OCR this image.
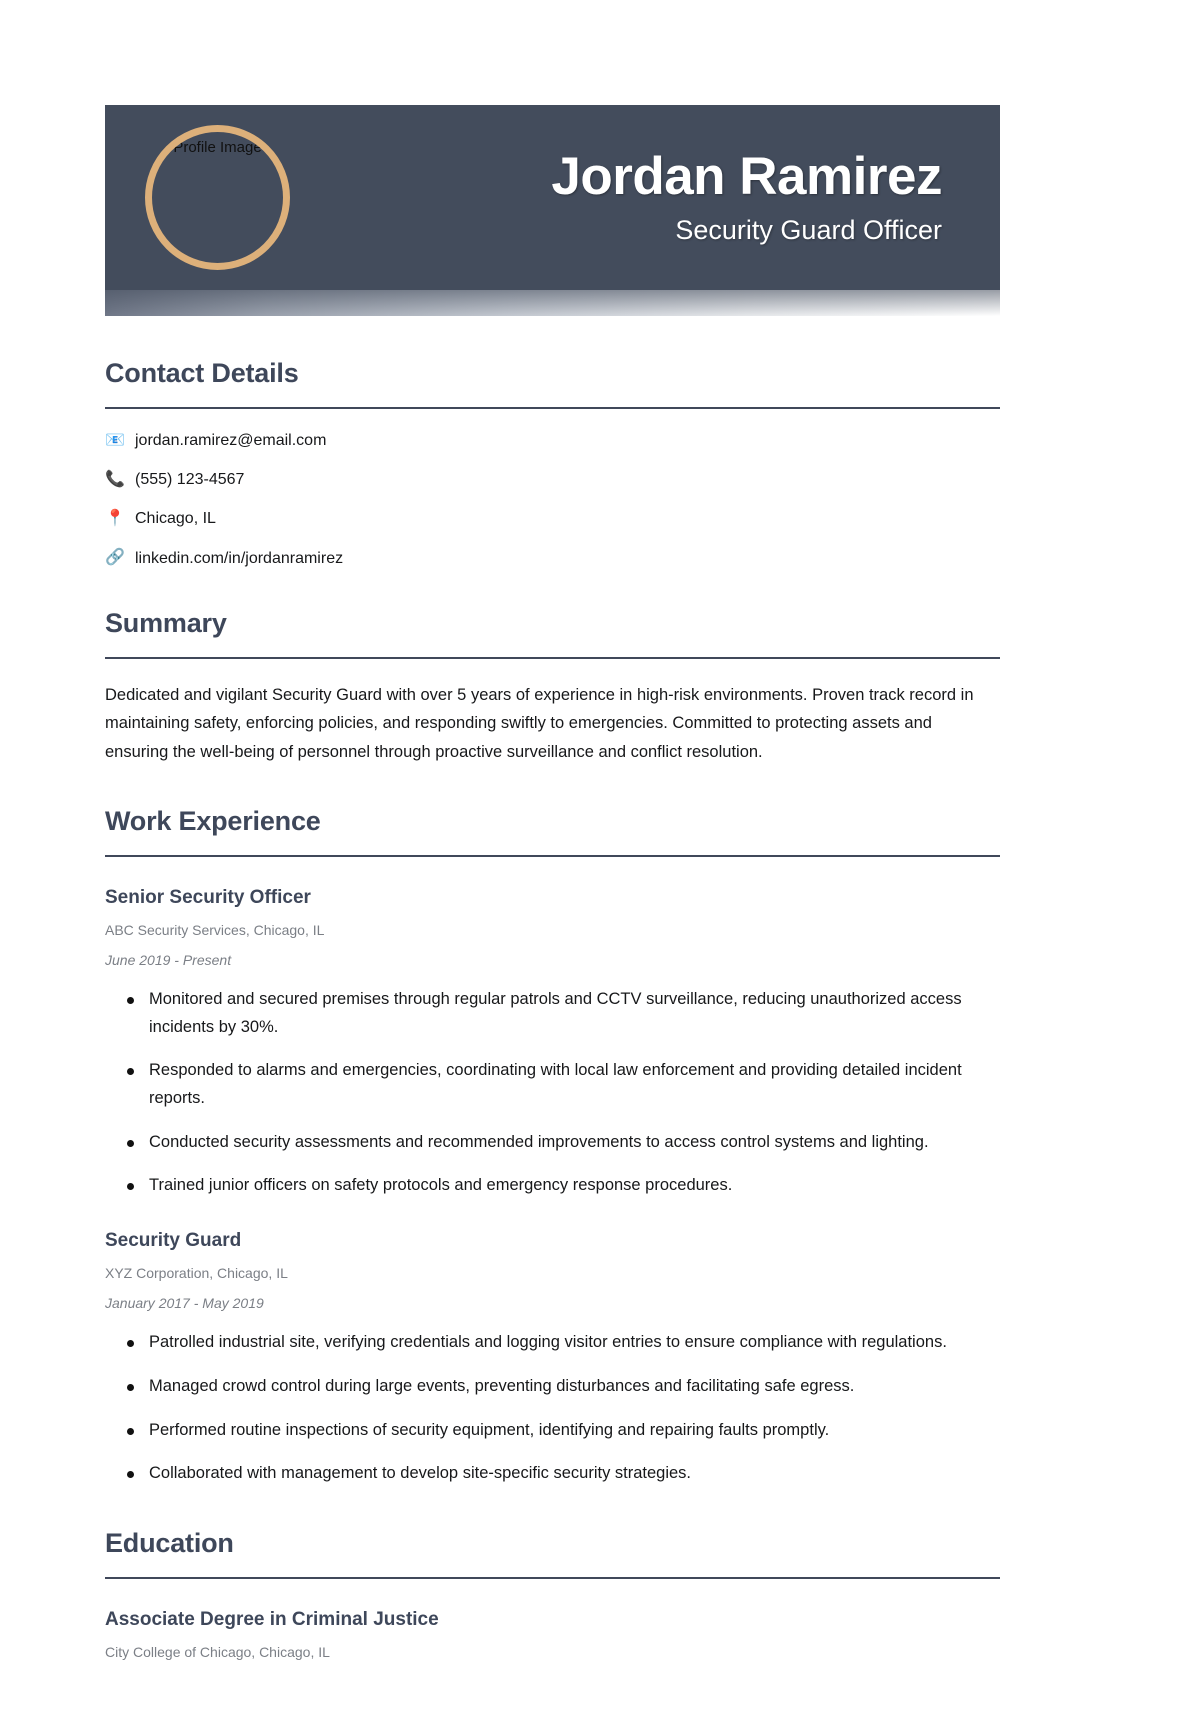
Profile Image	Jordan Ramirez
Security Guard Officer
Contact Details
📧 jordan.ramirez@email.com
📞 (555) 123-4567
📍 Chicago, IL
🔗 linkedin.com/in/jordanramirez
Summary

Dedicated and vigilant Security Guard with over 5 years of experience in high-risk environments. Proven track record in maintaining safety, enforcing policies, and responding swiftly to emergencies. Committed to protecting assets and ensuring the well-being of personnel through proactive surveillance and conflict resolution.

Work Experience
Senior Security Officer

ABC Security Services, Chicago, IL

June 2019 - Present

Monitored and secured premises through regular patrols and CCTV surveillance, reducing unauthorized access incidents by 30%.
Responded to alarms and emergencies, coordinating with local law enforcement and providing detailed incident reports.
Conducted security assessments and recommended improvements to access control systems and lighting.
Trained junior officers on safety protocols and emergency response procedures.
Security Guard

XYZ Corporation, Chicago, IL

January 2017 - May 2019

Patrolled industrial site, verifying credentials and logging visitor entries to ensure compliance with regulations.
Managed crowd control during large events, preventing disturbances and facilitating safe egress.
Performed routine inspections of security equipment, identifying and repairing faults promptly.
Collaborated with management to develop site-specific security strategies.
Education
Associate Degree in Criminal Justice

City College of Chicago, Chicago, IL
